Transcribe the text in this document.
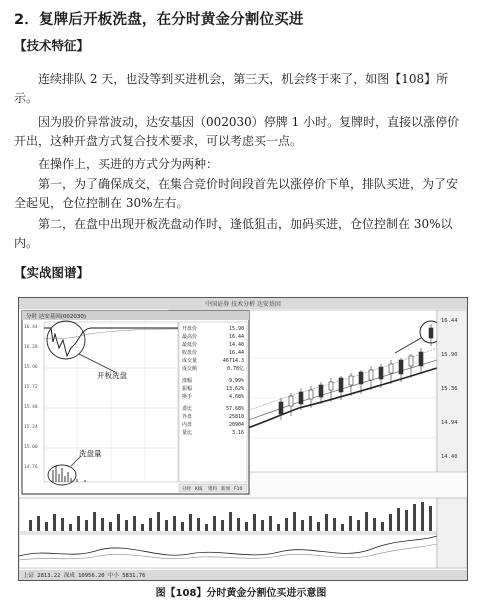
2．复牌后开板洗盘，在分时黄金分割位买进
【技术特征】

连续排队 2 天，也没等到买进机会，第三天，机会终于来了，如图【108】所示。

因为股价异常波动，达安基因（002030）停牌 1 小时。复牌时，直接以涨停价开出，这种开盘方式复合技术要求，可以考虑买一点。

在操作上，买进的方式分为两种：

第一，为了确保成交，在集合竞价时间段首先以涨停价下单，排队买进，为了安全起见，仓位控制在 30%左右。

第二，在盘中出现开板洗盘动作时，逢低狙击，加码买进，仓位控制在 30%以内。

【实战图谱】
中国证券 技术分析 达安基因
16.44
15.90
15.36
14.94
14.40
分时 达安基因(002030)
16.44
16.20
15.96
15.72
15.48
15.24
15.00
14.76
开板洗盘
洗盘量
开盘价
最高价
最低价
收盘价
成交量
成交额
涨幅
振幅
换手
委比
外盘
内盘
量比
15.90
16.44
14.40
16.44
46714.3
0.78亿
9.99%
13.62%
4.68%
57.68%
25810
20904
3.16
分时 K线 资料 新闻 F10
上证 2813.22 深成 10956.20 中小 5831.76
图【108】分时黄金分割位买进示意图
